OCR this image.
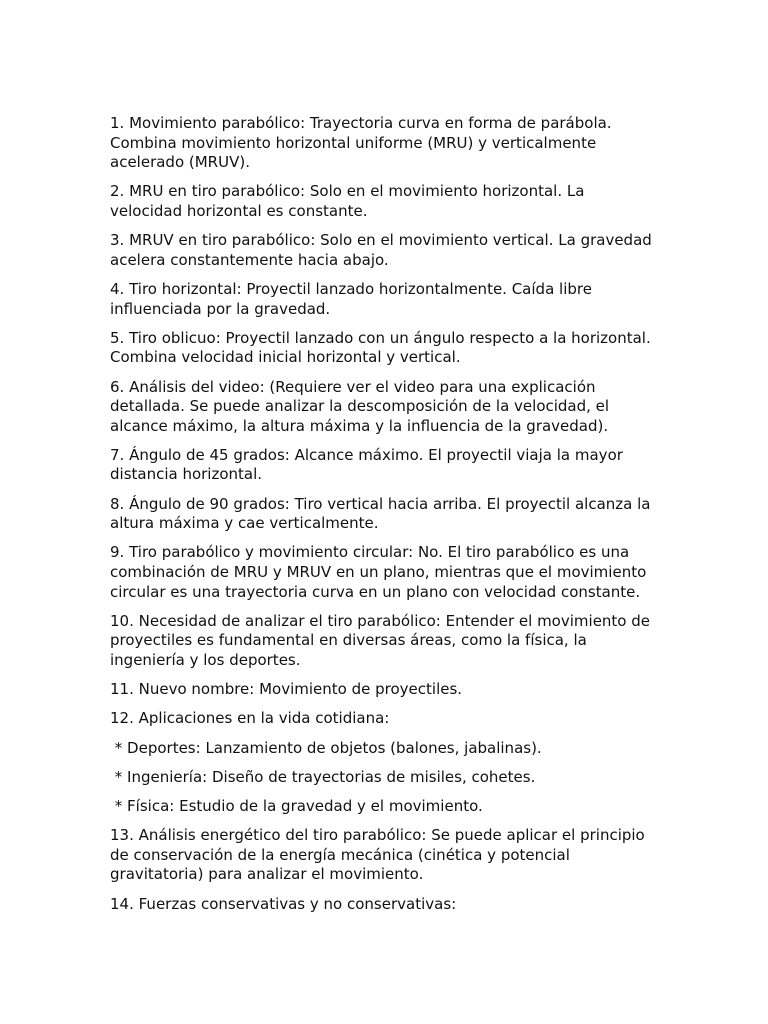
1. Movimiento parabólico: Trayectoria curva en forma de parábola. Combina movimiento horizontal uniforme (MRU) y verticalmente acelerado (MRUV).

2. MRU en tiro parabólico: Solo en el movimiento horizontal. La velocidad horizontal es constante.

3. MRUV en tiro parabólico: Solo en el movimiento vertical. La gravedad acelera constantemente hacia abajo.

4. Tiro horizontal: Proyectil lanzado horizontalmente. Caída libre influenciada por la gravedad.

5. Tiro oblicuo: Proyectil lanzado con un ángulo respecto a la horizontal. Combina velocidad inicial horizontal y vertical.

6. Análisis del video: (Requiere ver el video para una explicación detallada. Se puede analizar la descomposición de la velocidad, el alcance máximo, la altura máxima y la influencia de la gravedad).

7. Ángulo de 45 grados: Alcance máximo. El proyectil viaja la mayor distancia horizontal.

8. Ángulo de 90 grados: Tiro vertical hacia arriba. El proyectil alcanza la altura máxima y cae verticalmente.

9. Tiro parabólico y movimiento circular: No. El tiro parabólico es una combinación de MRU y MRUV en un plano, mientras que el movimiento circular es una trayectoria curva en un plano con velocidad constante.

10. Necesidad de analizar el tiro parabólico: Entender el movimiento de proyectiles es fundamental en diversas áreas, como la física, la ingeniería y los deportes.

11. Nuevo nombre: Movimiento de proyectiles.

12. Aplicaciones en la vida cotidiana:

* Deportes: Lanzamiento de objetos (balones, jabalinas).

* Ingeniería: Diseño de trayectorias de misiles, cohetes.

* Física: Estudio de la gravedad y el movimiento.

13. Análisis energético del tiro parabólico: Se puede aplicar el principio de conservación de la energía mecánica (cinética y potencial gravitatoria) para analizar el movimiento.

14. Fuerzas conservativas y no conservativas:
